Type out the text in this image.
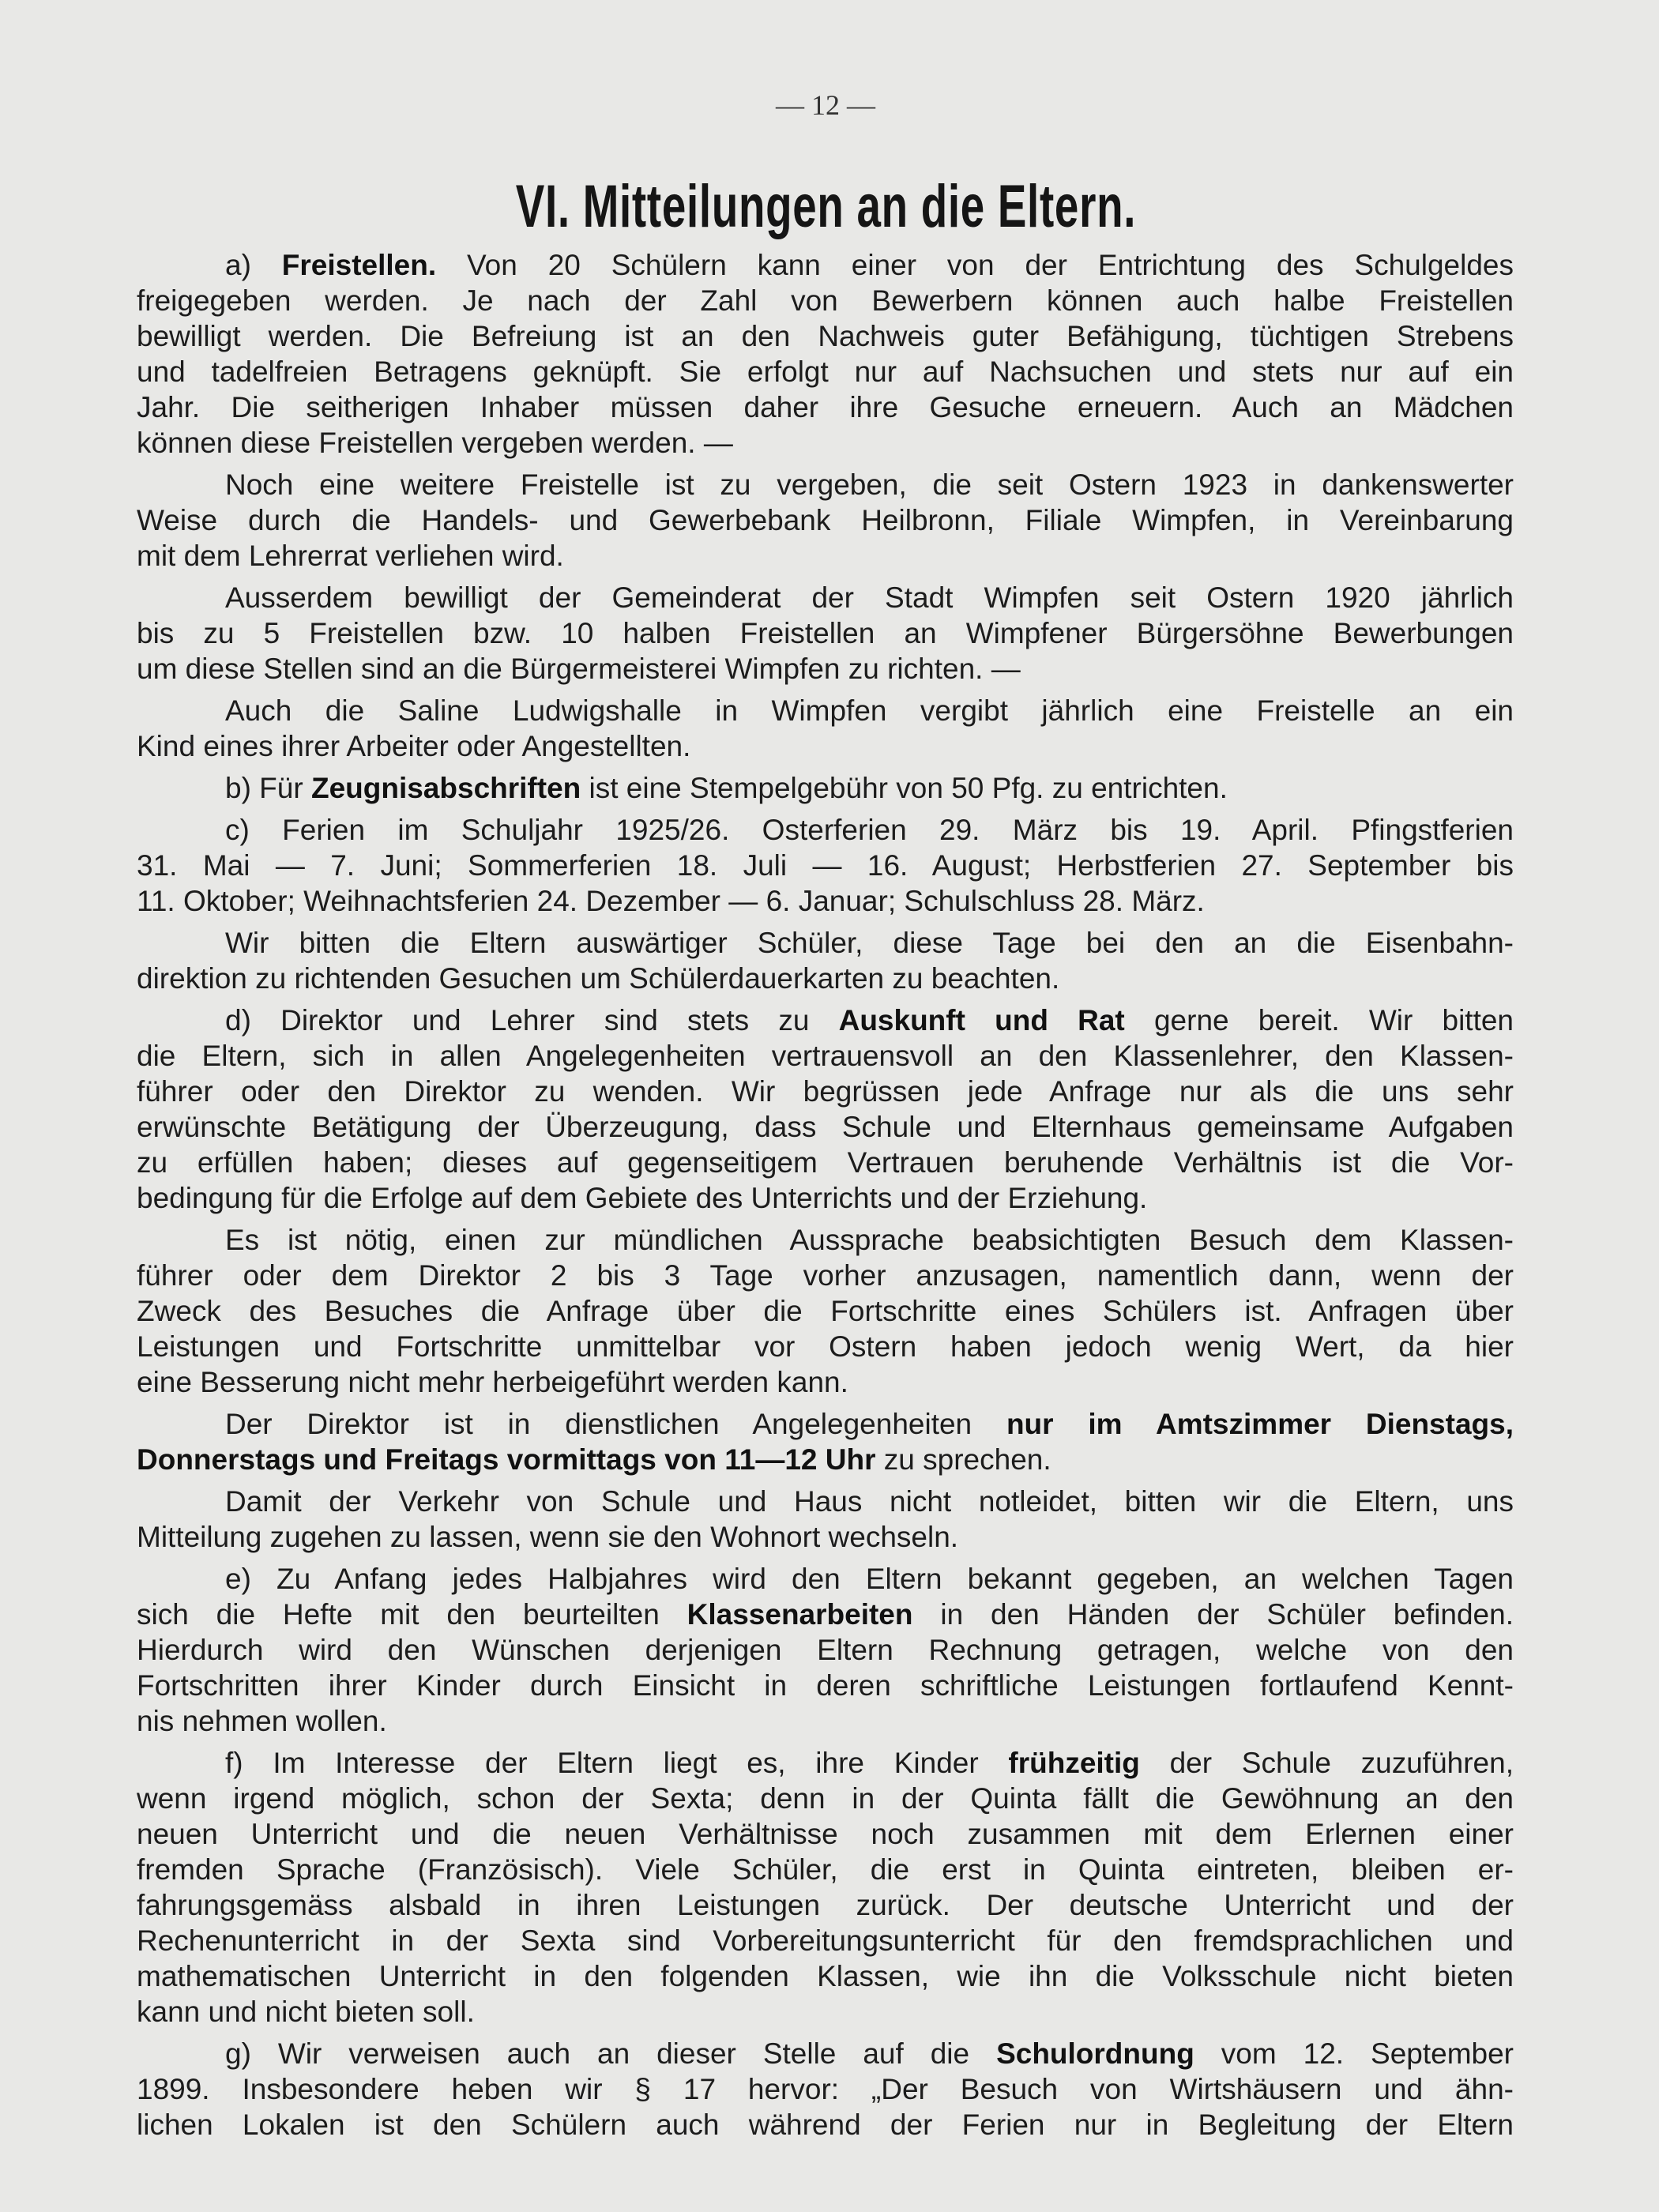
— 12 —
VI. Mitteilungen an die Eltern.
a) Freistellen. Von 20 Schülern kann einer von der Entrichtung des Schulgeldes
freigegeben werden. Je nach der Zahl von Bewerbern können auch halbe Freistellen
bewilligt werden. Die Befreiung ist an den Nachweis guter Befähigung, tüchtigen Strebens
und tadelfreien Betragens geknüpft. Sie erfolgt nur auf Nachsuchen und stets nur auf ein
Jahr. Die seitherigen Inhaber müssen daher ihre Gesuche erneuern. Auch an Mädchen
können diese Freistellen vergeben werden. —
Noch eine weitere Freistelle ist zu vergeben, die seit Ostern 1923 in dankenswerter
Weise durch die Handels- und Gewerbebank Heilbronn, Filiale Wimpfen, in Vereinbarung
mit dem Lehrerrat verliehen wird.
Ausserdem bewilligt der Gemeinderat der Stadt Wimpfen seit Ostern 1920 jährlich
bis zu 5 Freistellen bzw. 10 halben Freistellen an Wimpfener Bürgersöhne Bewerbungen
um diese Stellen sind an die Bürgermeisterei Wimpfen zu richten. —
Auch die Saline Ludwigshalle in Wimpfen vergibt jährlich eine Freistelle an ein
Kind eines ihrer Arbeiter oder Angestellten.
b) Für Zeugnisabschriften ist eine Stempelgebühr von 50 Pfg. zu entrichten.
c) Ferien im Schuljahr 1925/26. Osterferien 29. März bis 19. April. Pfingstferien
31. Mai — 7. Juni; Sommerferien 18. Juli — 16. August; Herbstferien 27. September bis
11. Oktober; Weihnachtsferien 24. Dezember — 6. Januar; Schulschluss 28. März.
Wir bitten die Eltern auswärtiger Schüler, diese Tage bei den an die Eisenbahn-
direktion zu richtenden Gesuchen um Schülerdauerkarten zu beachten.
d) Direktor und Lehrer sind stets zu Auskunft und Rat gerne bereit. Wir bitten
die Eltern, sich in allen Angelegenheiten vertrauensvoll an den Klassenlehrer, den Klassen-
führer oder den Direktor zu wenden. Wir begrüssen jede Anfrage nur als die uns sehr
erwünschte Betätigung der Überzeugung, dass Schule und Elternhaus gemeinsame Aufgaben
zu erfüllen haben; dieses auf gegenseitigem Vertrauen beruhende Verhältnis ist die Vor-
bedingung für die Erfolge auf dem Gebiete des Unterrichts und der Erziehung.
Es ist nötig, einen zur mündlichen Aussprache beabsichtigten Besuch dem Klassen-
führer oder dem Direktor 2 bis 3 Tage vorher anzusagen, namentlich dann, wenn der
Zweck des Besuches die Anfrage über die Fortschritte eines Schülers ist. Anfragen über
Leistungen und Fortschritte unmittelbar vor Ostern haben jedoch wenig Wert, da hier
eine Besserung nicht mehr herbeigeführt werden kann.
Der Direktor ist in dienstlichen Angelegenheiten nur im Amtszimmer Dienstags,
Donnerstags und Freitags vormittags von 11—12 Uhr zu sprechen.
Damit der Verkehr von Schule und Haus nicht notleidet, bitten wir die Eltern, uns
Mitteilung zugehen zu lassen, wenn sie den Wohnort wechseln.
e) Zu Anfang jedes Halbjahres wird den Eltern bekannt gegeben, an welchen Tagen
sich die Hefte mit den beurteilten Klassenarbeiten in den Händen der Schüler befinden.
Hierdurch wird den Wünschen derjenigen Eltern Rechnung getragen, welche von den
Fortschritten ihrer Kinder durch Einsicht in deren schriftliche Leistungen fortlaufend Kennt-
nis nehmen wollen.
f) Im Interesse der Eltern liegt es, ihre Kinder frühzeitig der Schule zuzuführen,
wenn irgend möglich, schon der Sexta; denn in der Quinta fällt die Gewöhnung an den
neuen Unterricht und die neuen Verhältnisse noch zusammen mit dem Erlernen einer
fremden Sprache (Französisch). Viele Schüler, die erst in Quinta eintreten, bleiben er-
fahrungsgemäss alsbald in ihren Leistungen zurück. Der deutsche Unterricht und der
Rechenunterricht in der Sexta sind Vorbereitungsunterricht für den fremdsprachlichen und
mathematischen Unterricht in den folgenden Klassen, wie ihn die Volksschule nicht bieten
kann und nicht bieten soll.
g) Wir verweisen auch an dieser Stelle auf die Schulordnung vom 12. September
1899. Insbesondere heben wir § 17 hervor: „Der Besuch von Wirtshäusern und ähn-
lichen Lokalen ist den Schülern auch während der Ferien nur in Begleitung der Eltern
